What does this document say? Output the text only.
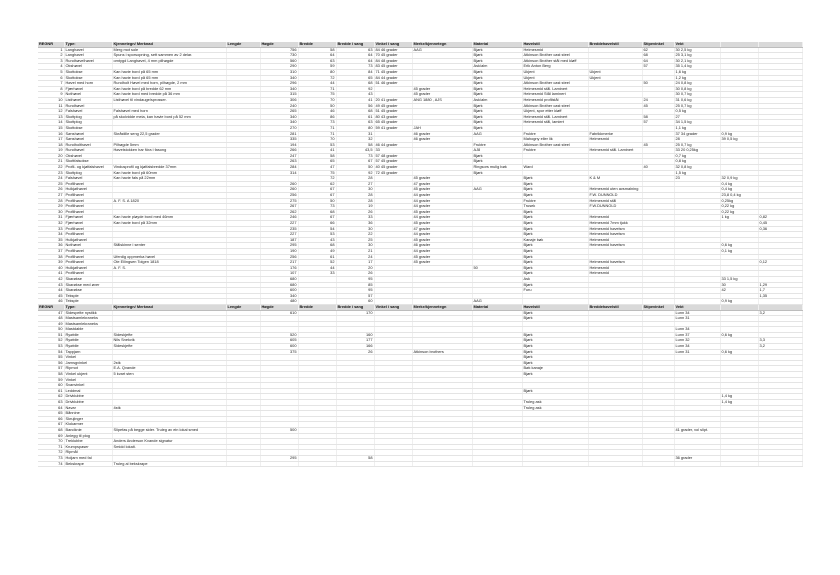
REGNR	Type:	Kjennetegn/ Merknad	Lengde	Høgde	Bredde	Bredde i sang	Vinkel i sang	Merke/kjennetegn	Material	Høvelstil	Breddehøvelstil	Stipevinkel	Vekt		
1	Langhøvel	Merg mot sole		756	58	63	84 46 grader	AAG	Bjørk	Heimesmid		62	30 2,5 kg		
2	Langhøvel	Spuns i sporsopning, sett sammen av 2 delar.		730	64	64	70 45 grader		Bjørk	Atkinson Brother cast steel		68	25 3,1 kg		
3	Rundhøvelhøvel	omtygd Langhøvel, 4 mm pilhøgde		560	63	64	84 48 grader		Bjørk	Atkinson Brother stål med kløff		64	30 2,1 kg		
4	Okshøvel			290	59	73	83 45 grader		Ask/alm	Erik Anton Berg		57	35 1,4 kg		
5	Skottokse	Kan havie bord på 65 mm		310	80	84	71 45 grader		Bjørk	Ukjent	Ukjent		1,6 kg		
6	Skottokse	Kan havie bord på 65 mm		340	72	65	84 44 grader		Bjørk	Ukjent	Ukjent		1,2 kg		
7	Høvel med horn	Rundholt Høvel med horn, pilhøgde, 2 mm		296	44	68	51 46 grader		Bjørk	Atkinson Brother cast steel		50	24 0,8 kg		
8	Fjærhøvel	Kan havie bord på bredde 62 mm		340	71	92		45 grader	Bjørk	Heimesmid stål. Laminert			30 0,8 kg		
9	Nothøvel	Kan havie bord med bredde på 36 mm		315	75	43		45 grader	Bjørk	Heimesmid Stål laminert			30 0,7 kg		
10	Listhøvel	Listhøvel til vindauge/sprosser.		306	70	41	20 41 grader	ANG 1880 , AJS	Ask/alm	Heimesmid profilstål		24	31 0,6 kg		
11	Rundhøvel			240	50	56	49 45 grader		Bjørk	Atkinson Brother cast steel		45	25 0,7 kg		
12	Falshøvel	Falshøvel med horn		265	46	68	51 45 grader		Bjørk	Ukjent, spor etter kløff			0,5 kg		
13	Skottplog	på skolvidde meia, kan havie bord på 52 mm		340	86	61	80 43 grader		Bjørk	Heimesmid stål. Laminert		58	27		
14	Skottplog			340	73	63	65 45 grader		Bjørk	Heimesmid stål, lamiert		57	34 1,5 kg		
15	Skottokse			270	71	80	59 41 grader	JAH	Bjørk				1,1 kg		
16	Sønshøvel	Skråstille seng 22,5 grader		281	71	31		46 grader	AAG	Fruktre	Fabrikkmerke		37 34 grader	0,9 kg	
17	Sønshøvel			335	70	32		46 grader		Mahogny eller lik	Heimesmid		28	39 0,5 kg	
18	Rundholthøvel	Pilhøgde 5mm		194	53	58	46 44 grader		Fruktre	Atkinson Brother cast steel		45	25 0,7 kg		
19	Rundhøvel	Høvelstokken har fôra i fasong		266	41	43,5	33		AJ8	Fruktre	Heimesmid stål. Laminert		33 20 0,25kg		
20	Okshøvel			247	58	73	57 48 grader		Bjørk				0,7 kg		
21	Skottfalsokse			263	65	67	57 45 grader		Bjørk				0,8 kg		
22	Profil- og kjølfalshøvel	Vindusprofil og kjølfalsbredde 37mm		284	47	50	40 45 grader		Ringsors mulig bøk	Ward		40	32 0,8 kg		
23	Skottplog	Kan havie bord på 60mm		314	75	92	72 45 grader		Bjørk				1,5 kg		
24	Falshøvel	Kan havie fals på 22mm			72	28		45 grader		Bjørk	K & M		23	32 0,9 kg	
25	Profilhøvel			260	62	27		47 grader		Bjørk				0,4 kg	
26	Hulkjølhøvel			260	67	30		45 grader	AAG	Bjørk	Heimesmid uten avsmalning			0,4 kg	
27	Profilhøvel			256	67	28		44 grader		Bjørk	F.W. DUNNOLD			23,8 0,4 kg	
28	Profilhøvel	A. F. S. A 1820		275	50	28		44 grader		Fruktre	Heimesmid stål			0,25kg	
29	Profilhøvel			267	73	19		44 grader		Trusek	F.W.DUNNOLD			0,22 kg	
30	Profilhøvel			262	68	26		45 grader		Bjørk				0,22 kg	
31	Fjærhøvel	Kan havie pløyde bord med 46mm		246	67	33		44 grader		Bjørk	Heimesmid			1 kg	0,82
32	Fjærhøvel	Kan havie bord på 32mm		227	66	36		45 grader		Bjørk	Heimesmid 7mm tjukk				0,45
33	Profilhøvel			235	54	30		47 grader		Bjørk	Heimesmid høvelsm				0,36
34	Profilhøvel			227	53	22		44 grader		Bjørk	Heimesmid høvelsm				
35	Hulkjølhøvel			187	43	25		45 grader		Kanaje bøk	Heimesmid				
36	Nothøvel	Stålskinne i senter		295	68	30		46 grader		Bjørk	Heimesmid høvelsm			0,6 kg	
37	Profilhøvel			190	49	21		44 grader		Bjørk				0,1 kg	
38	Profilhøvel	Uferdig oppmerka høvel		256	61	24		45 grader		Bjørk					
39	Profilhøvel	Ole Ellingsen Tolgen 1818		217	52	17		45 grader		Bjørk	Heimesmid høvelsm				0,12
40	Hulkjølhøvel	A. F. S.		176	44	20			50	Bjørk	Heimesmid				
41	Profilhøvel			107	33	26				Bjørk	Heimesmid				
42	Skarøkse			680		95				Ask				33 1,5 kg	
43	Skarøkse med øver			680		85				Bjørk				30	1,29
44	Skarøkse			600		95				Furu				42	1,7
45	Teksple			340		57									1,35
46	Teksple			480		60			AAG					0,9 kg	
REGNR	Type:	Kjennetegn/ Merknad	Lengde	Høgde	Bredde	Bredde i sang	Vinkel i sang	Merke/kjennetegn	Material	Høvelstil	Breddehøvelstil	Stipevinkel	Vekt		
47	Sidespelte nystikk			610		170				Bjørk			Lunn 34		3,2
48	Mastsamlekraneks									Bjørk			Lunn 31		
49	Mastsamlekraneks														
50	Mastdable												Lunn 34		
51	Ryøbile	Sideskjefte		520		160				Bjørk			Lunn 37	0,6 kg	
52	Ryøbile	Nils Snekvik		605		177				Bjørk			Lunn 32		3,3
53	Ryøbile	Sideskjefte		600		166				Bjørk			Lunn 34		3,2
54	Tappjarn			375		26		Atkinson brothers		Bjørk			Lunn 31	0,6 kg	
55	Vinkel									Bjørk					
56	Jarnsgvinkel	2stk								Bjørk					
57	Ripmot	E.A. Qvande								Bøk kanaje					
58	Vinkel ukjent	5 kvart sten								Bjørk					
59	Vinkel														
60	Svanvinkel														
61	Leddmal									Bjørk					
62	Drivklubbe													1,4 kg	
63	Drivklubbe									Truleg ask				1,4 kg	
64	Navar	4stk								Truleg ask					
65	Bånnine														
66	Skrujinger														
67	Klokarmer														
68	Bandknie	Slipefas på begge sider. Truleg av ein lokal smed		500									41 grader, vol slipt.		
69	Anlegg til plog														
70	Treklubbe	Anders Anderson Kvande signatur													
71	Krumpspaser	Smidd lokalt.													
72	Ripmål														
73	Hoijarn med fal			295		58							36 grader		
74	Bekskrape	Truleg al bekskrape													
